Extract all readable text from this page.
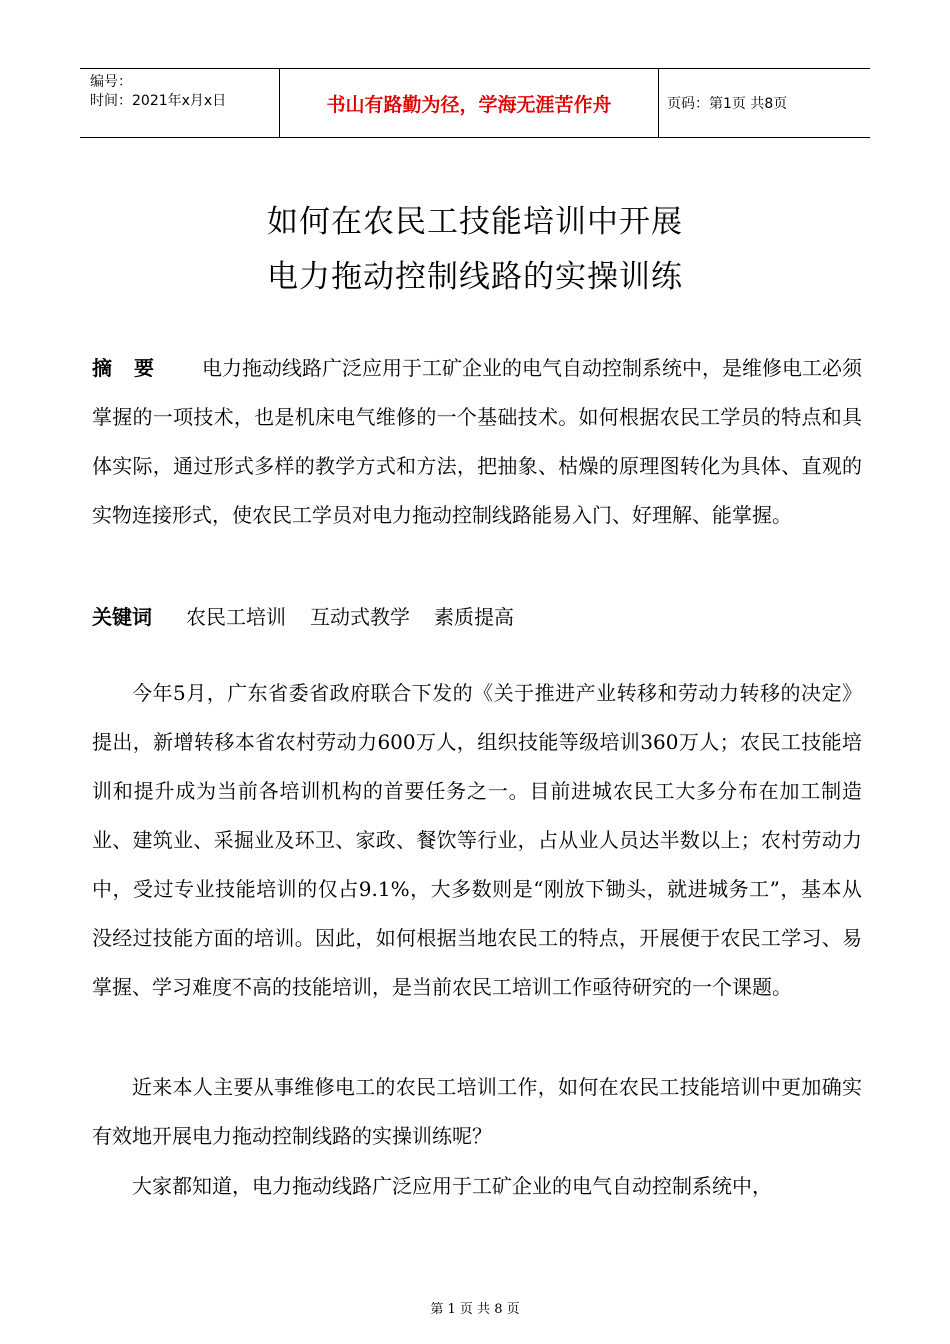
编号：
时间：2021年x月x日	书山有路勤为径，学海无涯苦作舟	页码：第1页 共8页
如何在农民工技能培训中开展
电力拖动控制线路的实操训练
摘要 电力拖动线路广泛应用于工矿企业的电气自动控制系统中，是维修电工必须掌握的一项技术，也是机床电气维修的一个基础技术。如何根据农民工学员的特点和具体实际，通过形式多样的教学方式和方法，把抽象、枯燥的原理图转化为具体、直观的实物连接形式，使农民工学员对电力拖动控制线路能易入门、好理解、能掌握。
关键词 农民工培训 互动式教学 素质提高
今年5月，广东省委省政府联合下发的《关于推进产业转移和劳动力转移的决定》提出，新增转移本省农村劳动力600万人，组织技能等级培训360万人；农民工技能培训和提升成为当前各培训机构的首要任务之一。目前进城农民工大多分布在加工制造业、建筑业、采掘业及环卫、家政、餐饮等行业，占从业人员达半数以上；农村劳动力中，受过专业技能培训的仅占9.1%，大多数则是“刚放下锄头，就进城务工”，基本从没经过技能方面的培训。因此，如何根据当地农民工的特点，开展便于农民工学习、易掌握、学习难度不高的技能培训，是当前农民工培训工作亟待研究的一个课题。
近来本人主要从事维修电工的农民工培训工作，如何在农民工技能培训中更加确实有效地开展电力拖动控制线路的实操训练呢？
大家都知道，电力拖动线路广泛应用于工矿企业的电气自动控制系统中，
第 1 页 共 8 页
